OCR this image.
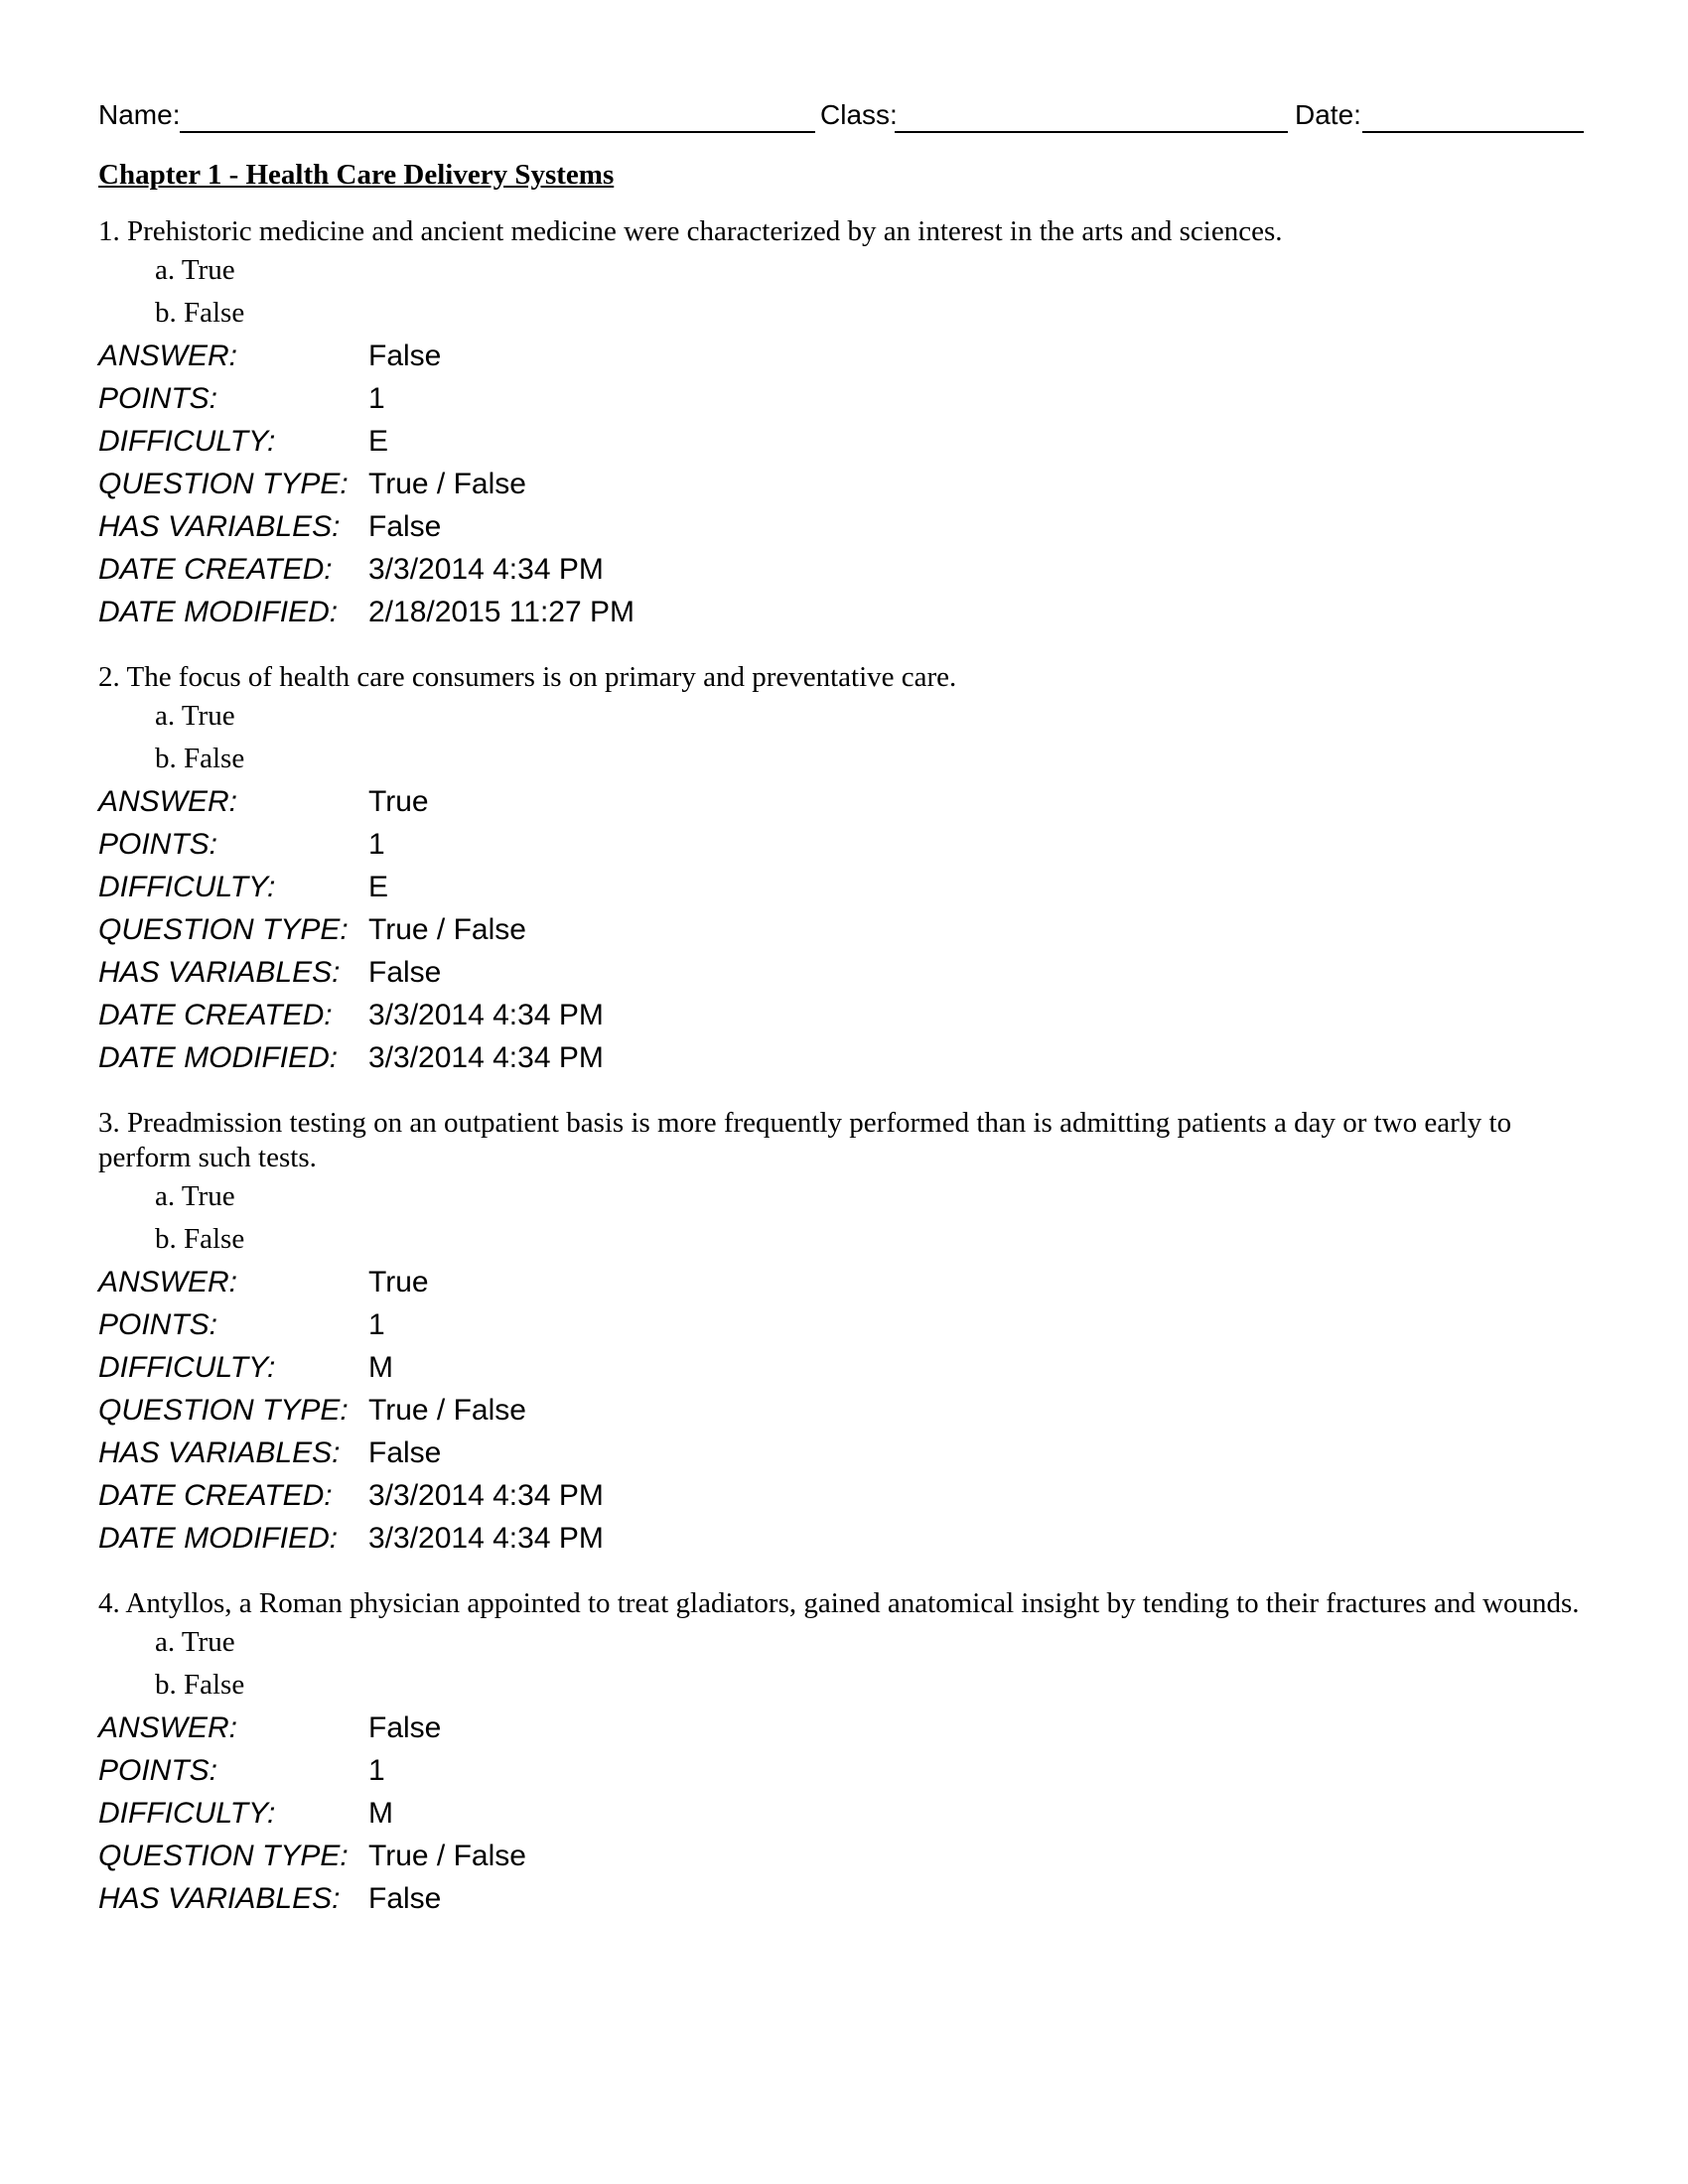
Name:	Class:	Date:
Chapter 1 - Health Care Delivery Systems

1. Prehistoric medicine and ancient medicine were characterized by an interest in the arts and sciences.

a. True
b. False
ANSWER:	False
POINTS:	1
DIFFICULTY:	E
QUESTION TYPE: True / False
HAS VARIABLES: False
DATE CREATED:	3/3/2014 4:34 PM
DATE MODIFIED:	2/18/2015 11:27 PM

2. The focus of health care consumers is on primary and preventative care.

a. True
b. False
ANSWER:	True
POINTS:	1
DIFFICULTY:	E
QUESTION TYPE: True / False
HAS VARIABLES: False
DATE CREATED:	3/3/2014 4:34 PM
DATE MODIFIED:	3/3/2014 4:34 PM

3. Preadmission testing on an outpatient basis is more frequently performed than is admitting patients a day or two early to perform such tests.

a. True
b. False
ANSWER:	True
POINTS:	1
DIFFICULTY:	M
QUESTION TYPE: True / False
HAS VARIABLES: False
DATE CREATED:	3/3/2014 4:34 PM
DATE MODIFIED:	3/3/2014 4:34 PM

4. Antyllos, a Roman physician appointed to treat gladiators, gained anatomical insight by tending to their fractures and wounds.

a. True
b. False
ANSWER:	False
POINTS:	1
DIFFICULTY:	M
QUESTION TYPE: True / False
HAS VARIABLES: False
